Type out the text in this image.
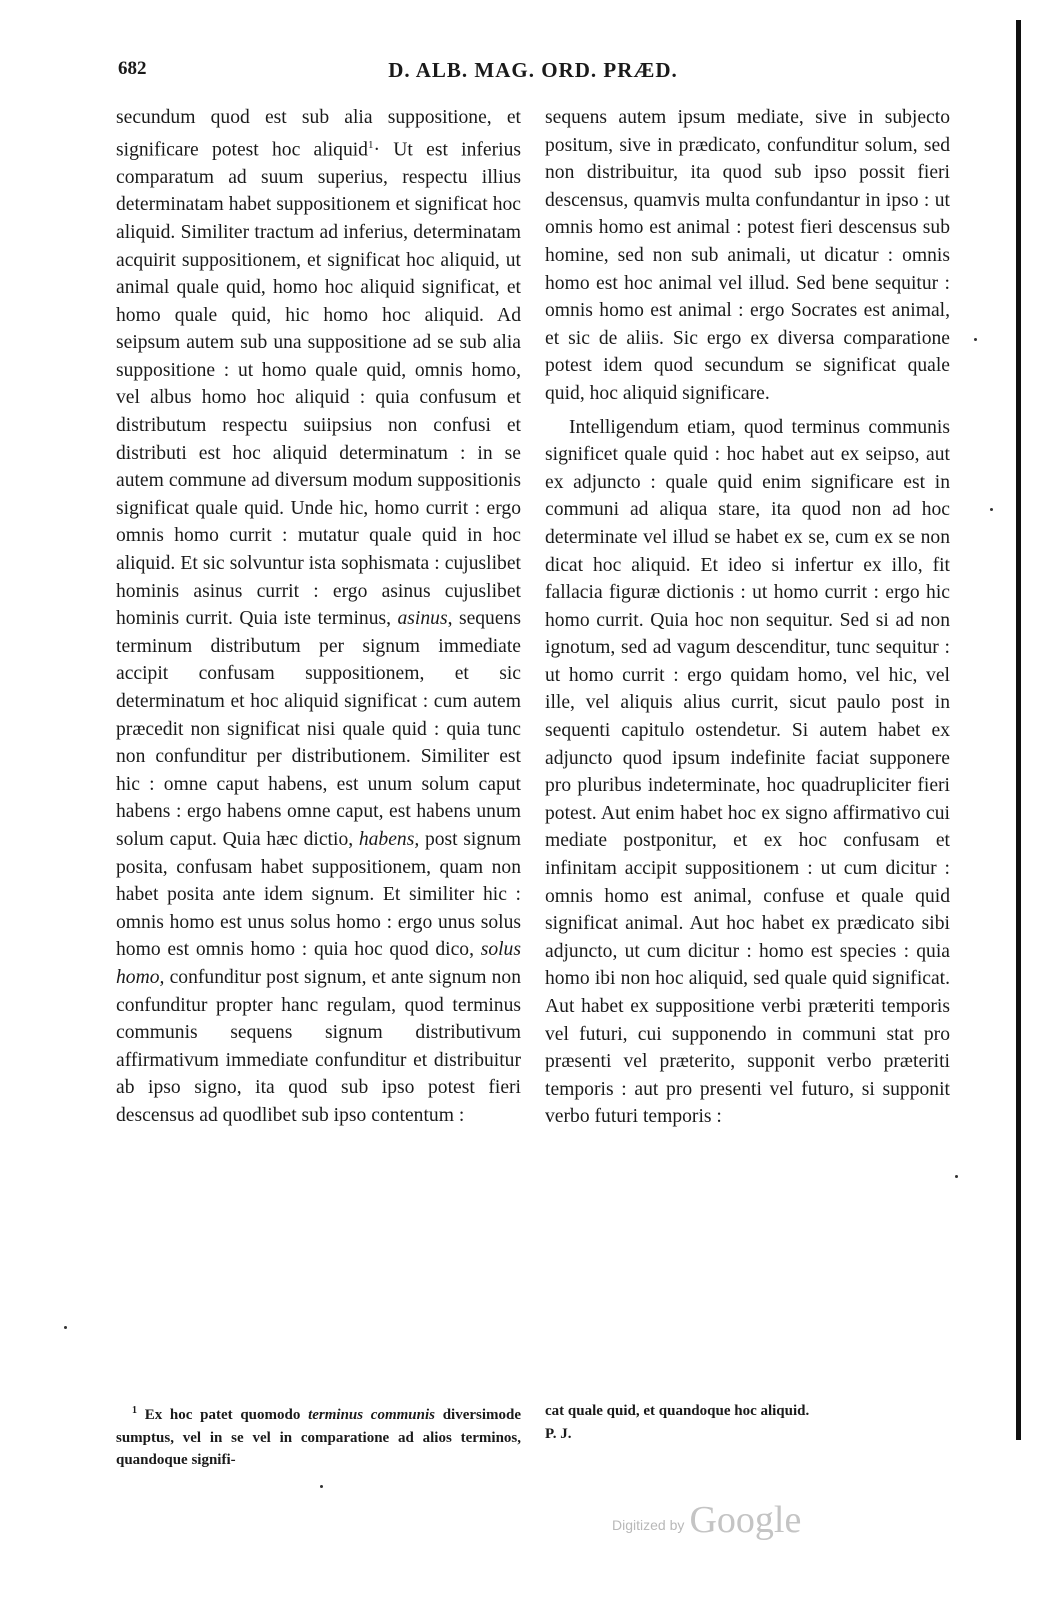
682	D. ALB. MAG. ORD. PRÆD.

secundum quod est sub alia suppositione, et significare potest hoc aliquid$^1$· Ut est inferius comparatum ad suum superius, respectu illius determinatam habet suppositionem et significat hoc aliquid. Similiter tractum ad inferius, determinatam acquirit suppositionem, et significat hoc aliquid, ut animal quale quid, homo hoc aliquid significat, et homo quale quid, hic homo hoc aliquid. Ad seipsum autem sub una suppositione ad se sub alia suppositione : ut homo quale quid, omnis homo, vel albus homo hoc aliquid : quia confusum et distributum respectu suiipsius non confusi et distributi est hoc aliquid determinatum : in se autem commune ad diversum modum suppositionis significat quale quid. Unde hic, homo currit : ergo omnis homo currit : mutatur quale quid in hoc aliquid. Et sic solvuntur ista sophismata : cujuslibet hominis asinus currit : ergo asinus cujuslibet hominis currit. Quia iste terminus, asinus, sequens terminum distributum per signum immediate accipit confusam suppositionem, et sic determinatum et hoc aliquid significat : cum autem præcedit non significat nisi quale quid : quia tunc non confunditur per distributionem. Similiter est hic : omne caput habens, est unum solum caput habens : ergo habens omne caput, est habens unum solum caput. Quia hæc dictio, habens, post signum posita, confusam habet suppositionem, quam non habet posita ante idem signum. Et similiter hic : omnis homo est unus solus homo : ergo unus solus homo est omnis homo : quia hoc quod dico, solus homo, confunditur post signum, et ante signum non confunditur propter hanc regulam, quod terminus communis sequens signum distributivum affirmativum immediate confunditur et distribuitur ab ipso signo, ita quod sub ipso potest fieri descensus ad quodlibet sub ipso contentum :

sequens autem ipsum mediate, sive in subjecto positum, sive in prædicato, confunditur solum, sed non distribuitur, ita quod sub ipso possit fieri descensus, quamvis multa confundantur in ipso : ut omnis homo est animal : potest fieri descensus sub homine, sed non sub animali, ut dicatur : omnis homo est hoc animal vel illud. Sed bene sequitur : omnis homo est animal : ergo Socrates est animal, et sic de aliis. Sic ergo ex diversa comparatione potest idem quod secundum se significat quale quid, hoc aliquid significare.

Intelligendum etiam, quod terminus communis significet quale quid : hoc habet aut ex seipso, aut ex adjuncto : quale quid enim significare est in communi ad aliqua stare, ita quod non ad hoc determinate vel illud se habet ex se, cum ex se non dicat hoc aliquid. Et ideo si infertur ex illo, fit fallacia figuræ dictionis : ut homo currit : ergo hic homo currit. Quia hoc non sequitur. Sed si ad non ignotum, sed ad vagum descenditur, tunc sequitur : ut homo currit : ergo quidam homo, vel hic, vel ille, vel aliquis alius currit, sicut paulo post in sequenti capitulo ostendetur. Si autem habet ex adjuncto quod ipsum indefinite faciat supponere pro pluribus indeterminate, hoc quadrupliciter fieri potest. Aut enim habet hoc ex signo affirmativo cui mediate postponitur, et ex hoc confusam et infinitam accipit suppositionem : ut cum dicitur : omnis homo est animal, confuse et quale quid significat animal. Aut hoc habet ex prædicato sibi adjuncto, ut cum dicitur : homo est species : quia homo ibi non hoc aliquid, sed quale quid significat. Aut habet ex suppositione verbi præteriti temporis vel futuri, cui supponendo in communi stat pro præsenti vel præterito, supponit verbo præteriti temporis : aut pro presenti vel futuro, si supponit verbo futuri temporis :

$^1$ Ex hoc patet quomodo terminus communis diversimode sumptus, vel in se vel in comparatione ad alios terminos, quandoque signifi-

cat quale quid, et quandoque hoc aliquid.

P. J.

Digitized by Google
